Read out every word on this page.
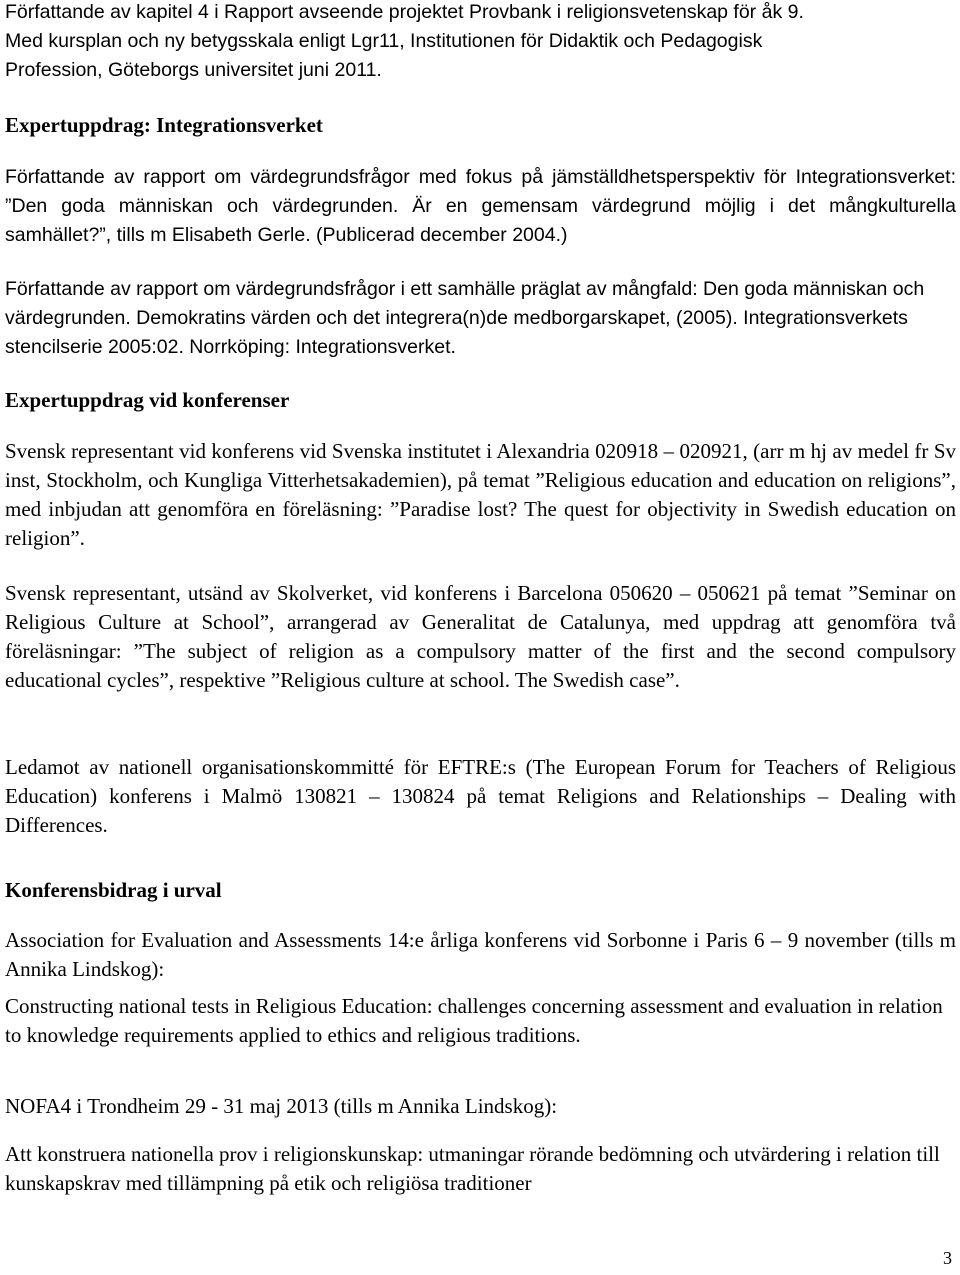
Författande av kapitel 4 i Rapport avseende projektet Provbank i religionsvetenskap för åk 9.

Med kursplan och ny betygsskala enligt Lgr11, Institutionen för Didaktik och Pedagogisk

Profession, Göteborgs universitet juni 2011.

Expertuppdrag: Integrationsverket

Författande av rapport om värdegrundsfrågor med fokus på jämställdhetsperspektiv för Integrationsverket: ”Den goda människan och värdegrunden. Är en gemensam värdegrund möjlig i det mångkulturella samhället?”, tills m Elisabeth Gerle. (Publicerad december 2004.)

Författande av rapport om värdegrundsfrågor i ett samhälle präglat av mångfald: Den goda människan och värdegrunden. Demokratins värden och det integrera(n)de medborgarskapet, (2005). Integrationsverkets stencilserie 2005:02. Norrköping: Integrationsverket.

Expertuppdrag vid konferenser

Svensk representant vid konferens vid Svenska institutet i Alexandria 020918 – 020921, (arr m hj av medel fr Sv inst, Stockholm, och Kungliga Vitterhetsakademien), på temat ”Religious education and education on religions”, med inbjudan att genomföra en föreläsning: ”Paradise lost? The quest for objectivity in Swedish education on religion”.

Svensk representant, utsänd av Skolverket, vid konferens i Barcelona 050620 – 050621 på temat ”Seminar on Religious Culture at School”, arrangerad av Generalitat de Catalunya, med uppdrag att genomföra två föreläsningar: ”The subject of religion as a compulsory matter of the first and the second compulsory educational cycles”, respektive ”Religious culture at school. The Swedish case”.

Ledamot av nationell organisationskommitté för EFTRE:s (The European Forum for Teachers of Religious Education) konferens i Malmö 130821 – 130824 på temat Religions and Relationships – Dealing with Differences.

Konferensbidrag i urval

Association for Evaluation and Assessments 14:e årliga konferens vid Sorbonne i Paris 6 – 9 november (tills m Annika Lindskog):

Constructing national tests in Religious Education: challenges concerning assessment and evaluation in relation to knowledge requirements applied to ethics and religious traditions.

NOFA4 i Trondheim 29 - 31 maj 2013 (tills m Annika Lindskog):

Att konstruera nationella prov i religionskunskap: utmaningar rörande bedömning och utvärdering i relation till kunskapskrav med tillämpning på etik och religiösa traditioner

3
